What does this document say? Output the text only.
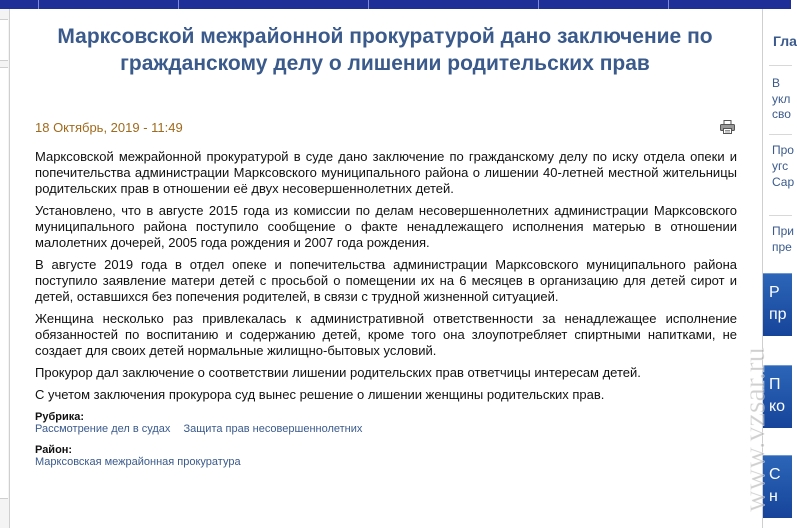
Марксовской межрайонной прокуратурой дано заключение по гражданскому делу о лишении родительских прав
18 Октябрь, 2019 - 11:49

Марксовской межрайонной прокуратурой в суде дано заключение по гражданскому делу по иску отдела опеки и попечительства администрации Марксовского муниципального района о лишении 40-летней местной жительницы родительских прав в отношении её двух несовершеннолетних детей.

Установлено, что в августе 2015 года из комиссии по делам несовершеннолетних администрации Марксовского муниципального района поступило сообщение о факте ненадлежащего исполнения матерью в отношении малолетних дочерей, 2005 года рождения и 2007 года рождения.

В августе 2019 года в отдел опеке и попечительства администрации Марксовского муниципального района поступило заявление матери детей с просьбой о помещении их на 6 месяцев в организацию для детей сирот и детей, оставшихся без попечения родителей, в связи с трудной жизненной ситуацией.

Женщина несколько раз привлекалась к административной ответственности за ненадлежащее исполнение обязанностей по воспитанию и содержанию детей, кроме того она злоупотребляет спиртными напитками, не создает для своих детей нормальные жилищно-бытовых условий.

Прокурор дал заключение о соответствии лишении родительских прав ответчицы интересам детей.

С учетом заключения прокурора суд вынес решение о лишении женщины родительских прав.

Рубрика:
Рассмотрение дел в судах Защита прав несовершеннолетних
Район:
Марксовская межрайонная прокуратура
Гла
В
укл
сво
Про
угс
Сар
При
пре
Р
пр
П
ко
С
н
www.vzsar.ru
